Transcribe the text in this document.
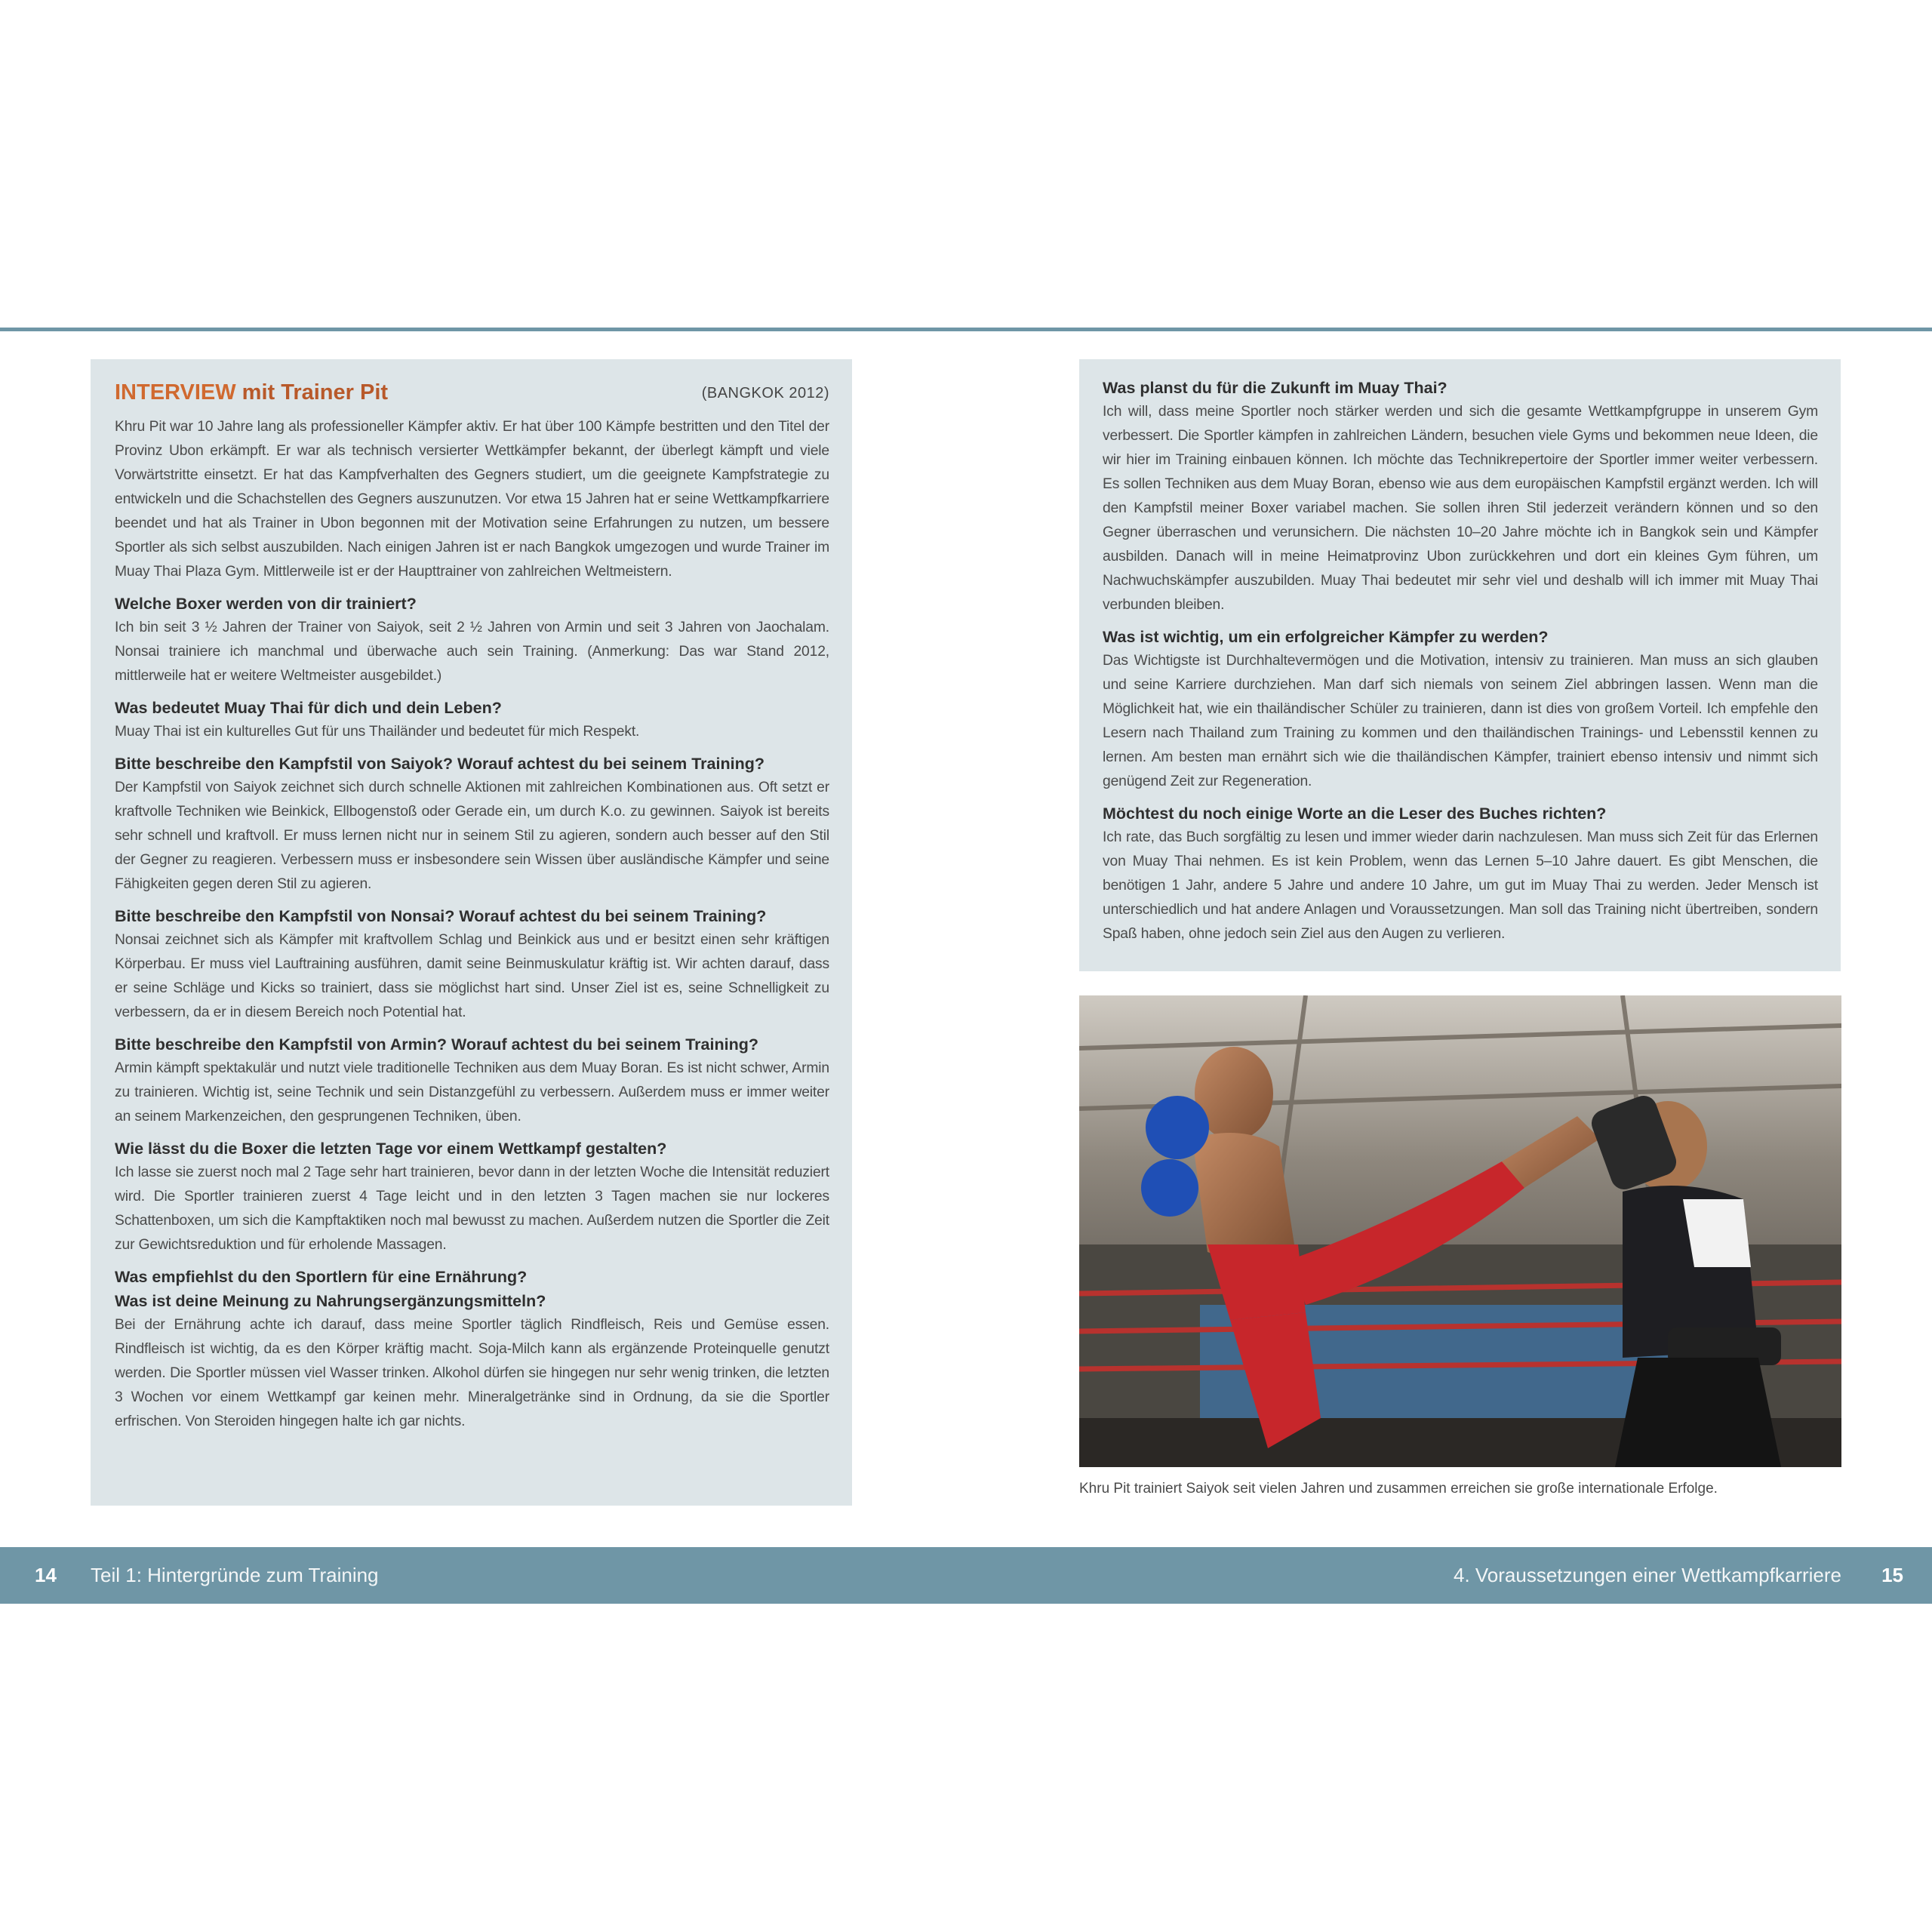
INTERVIEW mit Trainer Pit	(BANGKOK 2012)
Khru Pit war 10 Jahre lang als professioneller Kämpfer aktiv. Er hat über 100 Kämpfe bestritten und den Titel der Provinz Ubon erkämpft. Er war als technisch versierter Wettkämpfer bekannt, der überlegt kämpft und viele Vorwärtstritte einsetzt. Er hat das Kampfverhalten des Gegners studiert, um die geeignete Kampfstrategie zu entwickeln und die Schachstellen des Gegners auszunutzen. Vor etwa 15 Jahren hat er seine Wettkampfkarriere beendet und hat als Trainer in Ubon begonnen mit der Motivation seine Erfahrungen zu nutzen, um bessere Sportler als sich selbst auszubilden. Nach einigen Jahren ist er nach Bangkok umgezogen und wurde Trainer im Muay Thai Plaza Gym. Mittlerweile ist er der Haupttrainer von zahlreichen Weltmeistern.
Welche Boxer werden von dir trainiert?
Ich bin seit 3 ½ Jahren der Trainer von Saiyok, seit 2 ½ Jahren von Armin und seit 3 Jahren von Jaochalam. Nonsai trainiere ich manchmal und überwache auch sein Training. (Anmerkung: Das war Stand 2012, mittlerweile hat er weitere Weltmeister ausgebildet.)
Was bedeutet Muay Thai für dich und dein Leben?
Muay Thai ist ein kulturelles Gut für uns Thailänder und bedeutet für mich Respekt.
Bitte beschreibe den Kampfstil von Saiyok? Worauf achtest du bei seinem Training?
Der Kampfstil von Saiyok zeichnet sich durch schnelle Aktionen mit zahlreichen Kombinationen aus. Oft setzt er kraftvolle Techniken wie Beinkick, Ellbogenstoß oder Gerade ein, um durch K.o. zu gewinnen. Saiyok ist bereits sehr schnell und kraftvoll. Er muss lernen nicht nur in seinem Stil zu agieren, sondern auch besser auf den Stil der Gegner zu reagieren. Verbessern muss er insbesondere sein Wissen über ausländische Kämpfer und seine Fähigkeiten gegen deren Stil zu agieren.
Bitte beschreibe den Kampfstil von Nonsai? Worauf achtest du bei seinem Training?
Nonsai zeichnet sich als Kämpfer mit kraftvollem Schlag und Beinkick aus und er besitzt einen sehr kräftigen Körperbau. Er muss viel Lauftraining ausführen, damit seine Beinmuskulatur kräftig ist. Wir achten darauf, dass er seine Schläge und Kicks so trainiert, dass sie möglichst hart sind. Unser Ziel ist es, seine Schnelligkeit zu verbessern, da er in diesem Bereich noch Potential hat.
Bitte beschreibe den Kampfstil von Armin? Worauf achtest du bei seinem Training?
Armin kämpft spektakulär und nutzt viele traditionelle Techniken aus dem Muay Boran. Es ist nicht schwer, Armin zu trainieren. Wichtig ist, seine Technik und sein Distanzgefühl zu verbessern. Außerdem muss er immer weiter an seinem Markenzeichen, den gesprungenen Techniken, üben.
Wie lässt du die Boxer die letzten Tage vor einem Wettkampf gestalten?
Ich lasse sie zuerst noch mal 2 Tage sehr hart trainieren, bevor dann in der letzten Woche die Intensität reduziert wird. Die Sportler trainieren zuerst 4 Tage leicht und in den letzten 3 Tagen machen sie nur lockeres Schattenboxen, um sich die Kampftaktiken noch mal bewusst zu machen. Außerdem nutzen die Sportler die Zeit zur Gewichtsreduktion und für erholende Massagen.
Was empfiehlst du den Sportlern für eine Ernährung?
Was ist deine Meinung zu Nahrungsergänzungsmitteln?
Bei der Ernährung achte ich darauf, dass meine Sportler täglich Rindfleisch, Reis und Gemüse essen. Rindfleisch ist wichtig, da es den Körper kräftig macht. Soja-Milch kann als ergänzende Proteinquelle genutzt werden. Die Sportler müssen viel Wasser trinken. Alkohol dürfen sie hingegen nur sehr wenig trinken, die letzten 3 Wochen vor einem Wettkampf gar keinen mehr. Mineralgetränke sind in Ordnung, da sie die Sportler erfrischen. Von Steroiden hingegen halte ich gar nichts.
Was planst du für die Zukunft im Muay Thai?
Ich will, dass meine Sportler noch stärker werden und sich die gesamte Wettkampfgruppe in unserem Gym verbessert. Die Sportler kämpfen in zahlreichen Ländern, besuchen viele Gyms und bekommen neue Ideen, die wir hier im Training einbauen können. Ich möchte das Technikrepertoire der Sportler immer weiter verbessern. Es sollen Techniken aus dem Muay Boran, ebenso wie aus dem europäischen Kampfstil ergänzt werden. Ich will den Kampfstil meiner Boxer variabel machen. Sie sollen ihren Stil jederzeit verändern können und so den Gegner überraschen und verunsichern. Die nächsten 10–20 Jahre möchte ich in Bangkok sein und Kämpfer ausbilden. Danach will in meine Heimatprovinz Ubon zurückkehren und dort ein kleines Gym führen, um Nachwuchskämpfer auszubilden. Muay Thai bedeutet mir sehr viel und deshalb will ich immer mit Muay Thai verbunden bleiben.
Was ist wichtig, um ein erfolgreicher Kämpfer zu werden?
Das Wichtigste ist Durchhaltevermögen und die Motivation, intensiv zu trainieren. Man muss an sich glauben und seine Karriere durchziehen. Man darf sich niemals von seinem Ziel abbringen lassen. Wenn man die Möglichkeit hat, wie ein thailändischer Schüler zu trainieren, dann ist dies von großem Vorteil. Ich empfehle den Lesern nach Thailand zum Training zu kommen und den thailändischen Trainings- und Lebensstil kennen zu lernen. Am besten man ernährt sich wie die thailändischen Kämpfer, trainiert ebenso intensiv und nimmt sich genügend Zeit zur Regeneration.
Möchtest du noch einige Worte an die Leser des Buches richten?
Ich rate, das Buch sorgfältig zu lesen und immer wieder darin nachzulesen. Man muss sich Zeit für das Erlernen von Muay Thai nehmen. Es ist kein Problem, wenn das Lernen 5–10 Jahre dauert. Es gibt Menschen, die benötigen 1 Jahr, andere 5 Jahre und andere 10 Jahre, um gut im Muay Thai zu werden. Jeder Mensch ist unterschiedlich und hat andere Anlagen und Voraussetzungen. Man soll das Training nicht übertreiben, sondern Spaß haben, ohne jedoch sein Ziel aus den Augen zu verlieren.
Khru Pit trainiert Saiyok seit vielen Jahren und zusammen erreichen sie große internationale Erfolge.
14 Teil 1: Hintergründe zum Training	4. Voraussetzungen einer Wettkampfkarriere 15
